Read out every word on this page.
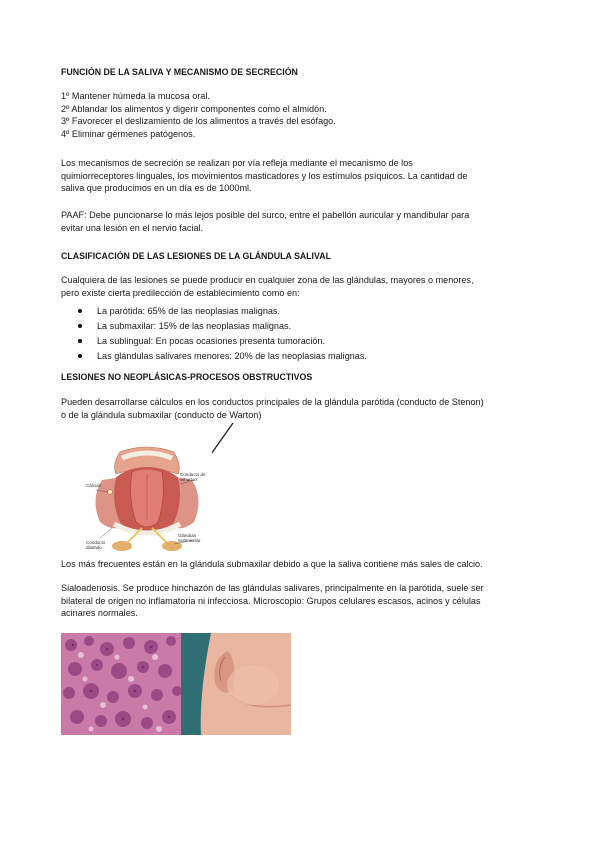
FUNCIÓN DE LA SALIVA Y MECANISMO DE SECRECIÓN
1º Mantener húmeda la mucosa oral.
2º Ablandar los alimentos y digerir componentes como el almidón.
3º Favorecer el deslizamiento de los alimentos a través del esófago.
4º Eliminar gérmenes patógenos.
Los mecanismos de secreción se realizan por vía refleja mediante el mecanismo de los
quimiorreceptores linguales, los movimientos masticadores y los estímulos psíquicos. La cantidad de
saliva que producimos en un día es de 1000ml.
PAAF: Debe puncionarse lo más lejos posible del surco, entre el pabellón auricular y mandibular para
evitar una lesión en el nervio facial.
CLASIFICACIÓN DE LAS LESIONES DE LA GLÁNDULA SALIVAL
Cualquiera de las lesiones se puede producir en cualquier zona de las glándulas, mayores o menores,
pero existe cierta predilección de establecimiento como en:
La parótida: 65% de las neoplasias malignas.
La submaxilar: 15% de las neoplasias malignas.
La sublingual: En pocas ocasiones presenta tumoración.
Las glándulas salivares menores: 20% de las neoplasias malignas.
LESIONES NO NEOPLÁSICAS-PROCESOS OBSTRUCTIVOS
Pueden desarrollarse cálculos en los conductos principales de la glándula parótida (conducto de Stenon)
o de la glándula submaxilar (conducto de Warton)
Cálculo
Conducto de Wharton
Conducto dilatado
Glándula Submaxilar
Los más frecuentes están en la glándula submaxilar debido a que la saliva contiene más sales de calcio.
Sialoadenosis. Se produce hinchazón de las glándulas salivares, principalmente en la parótida, suele ser
bilateral de origen no inflamatoria ni infecciosa. Microscopio: Grupos celulares escasos, acinos y células
acinares normales.
